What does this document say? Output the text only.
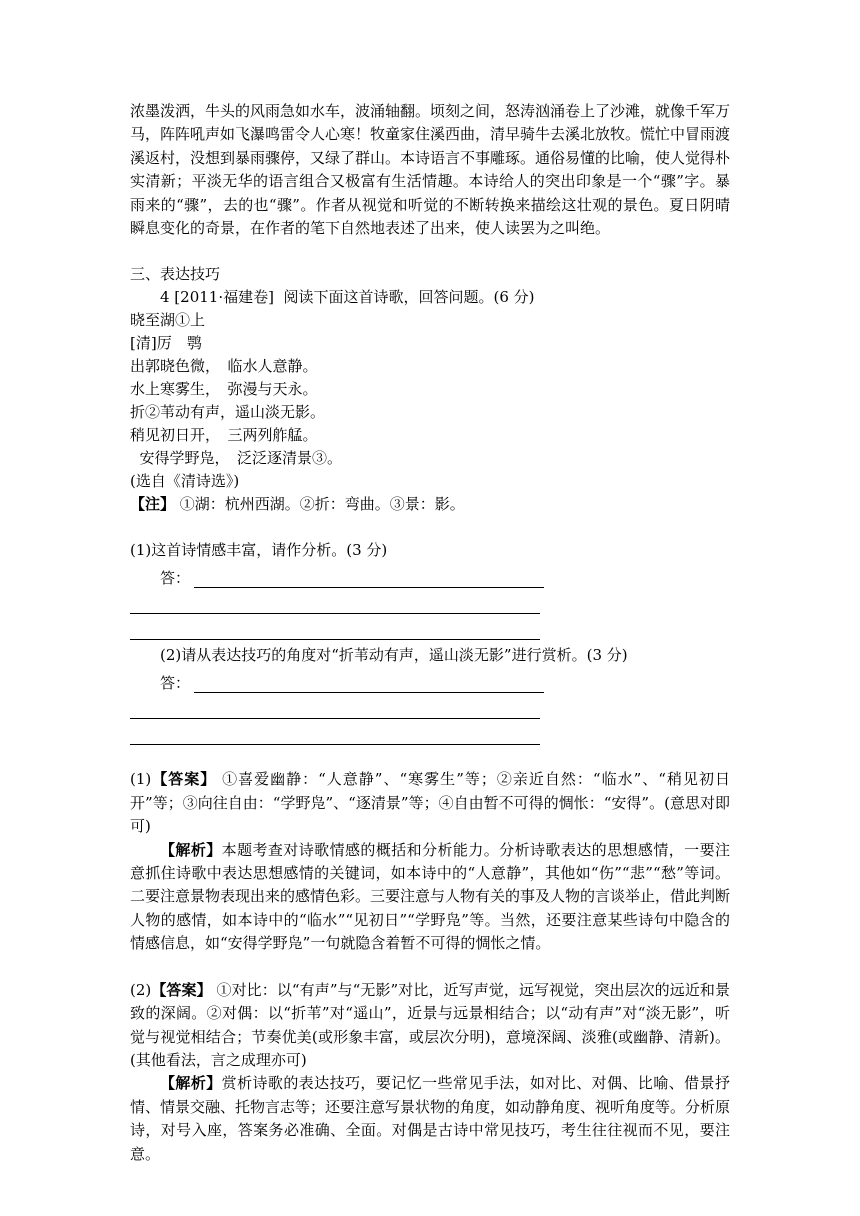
浓墨泼洒，牛头的风雨急如水车，波涌轴翻。顷刻之间，怒涛汹涌卷上了沙滩，就像千军万马，阵阵吼声如飞瀑鸣雷令人心寒！牧童家住溪西曲，清早骑牛去溪北放牧。慌忙中冒雨渡溪返村，没想到暴雨骤停，又绿了群山。本诗语言不事雕琢。通俗易懂的比喻，使人觉得朴实清新；平淡无华的语言组合又极富有生活情趣。本诗给人的突出印象是一个“骤”字。暴雨来的“骤”，去的也“骤”。作者从视觉和听觉的不断转换来描绘这壮观的景色。夏日阴晴瞬息变化的奇景，在作者的笔下自然地表述了出来，使人读罢为之叫绝。

三、表达技巧

4 [2011·福建卷]  阅读下面这首诗歌，回答问题。(6 分)

晓至湖①上

[清]厉　鹗

出郭晓色微，　临水人意静。

水上寒雾生，　弥漫与天永。

折②苇动有声，遥山淡无影。

稍见初日开，　三两列舴艋。

安得学野凫，　泛泛逐清景③。

(选自《清诗选》)

【注】 ①湖：杭州西湖。②折：弯曲。③景：影。

(1)这首诗情感丰富，请作分析。(3 分)

答：

(2)请从表达技巧的角度对“折苇动有声，遥山淡无影”进行赏析。(3 分)

答：

(1)【答案】 ①喜爱幽静：“人意静”、“寒雾生”等；②亲近自然：“临水”、“稍见初日开”等；③向往自由：“学野凫”、“逐清景”等；④自由暂不可得的惆怅：“安得”。(意思对即可)

【解析】本题考查对诗歌情感的概括和分析能力。分析诗歌表达的思想感情，一要注意抓住诗歌中表达思想感情的关键词，如本诗中的“人意静”，其他如“伤”“悲”“愁”等词。二要注意景物表现出来的感情色彩。三要注意与人物有关的事及人物的言谈举止，借此判断人物的感情，如本诗中的“临水”“见初日”“学野凫”等。当然，还要注意某些诗句中隐含的情感信息，如“安得学野凫”一句就隐含着暂不可得的惆怅之情。

(2)【答案】 ①对比：以“有声”与“无影”对比，近写声觉，远写视觉，突出层次的远近和景致的深阔。②对偶：以“折苇”对“遥山”，近景与远景相结合；以“动有声”对“淡无影”，听觉与视觉相结合；节奏优美(或形象丰富，或层次分明)，意境深阔、淡雅(或幽静、清新)。(其他看法，言之成理亦可)

【解析】赏析诗歌的表达技巧，要记忆一些常见手法，如对比、对偶、比喻、借景抒情、情景交融、托物言志等；还要注意写景状物的角度，如动静角度、视听角度等。分析原诗，对号入座，答案务必准确、全面。对偶是古诗中常见技巧，考生往往视而不见，要注意。
